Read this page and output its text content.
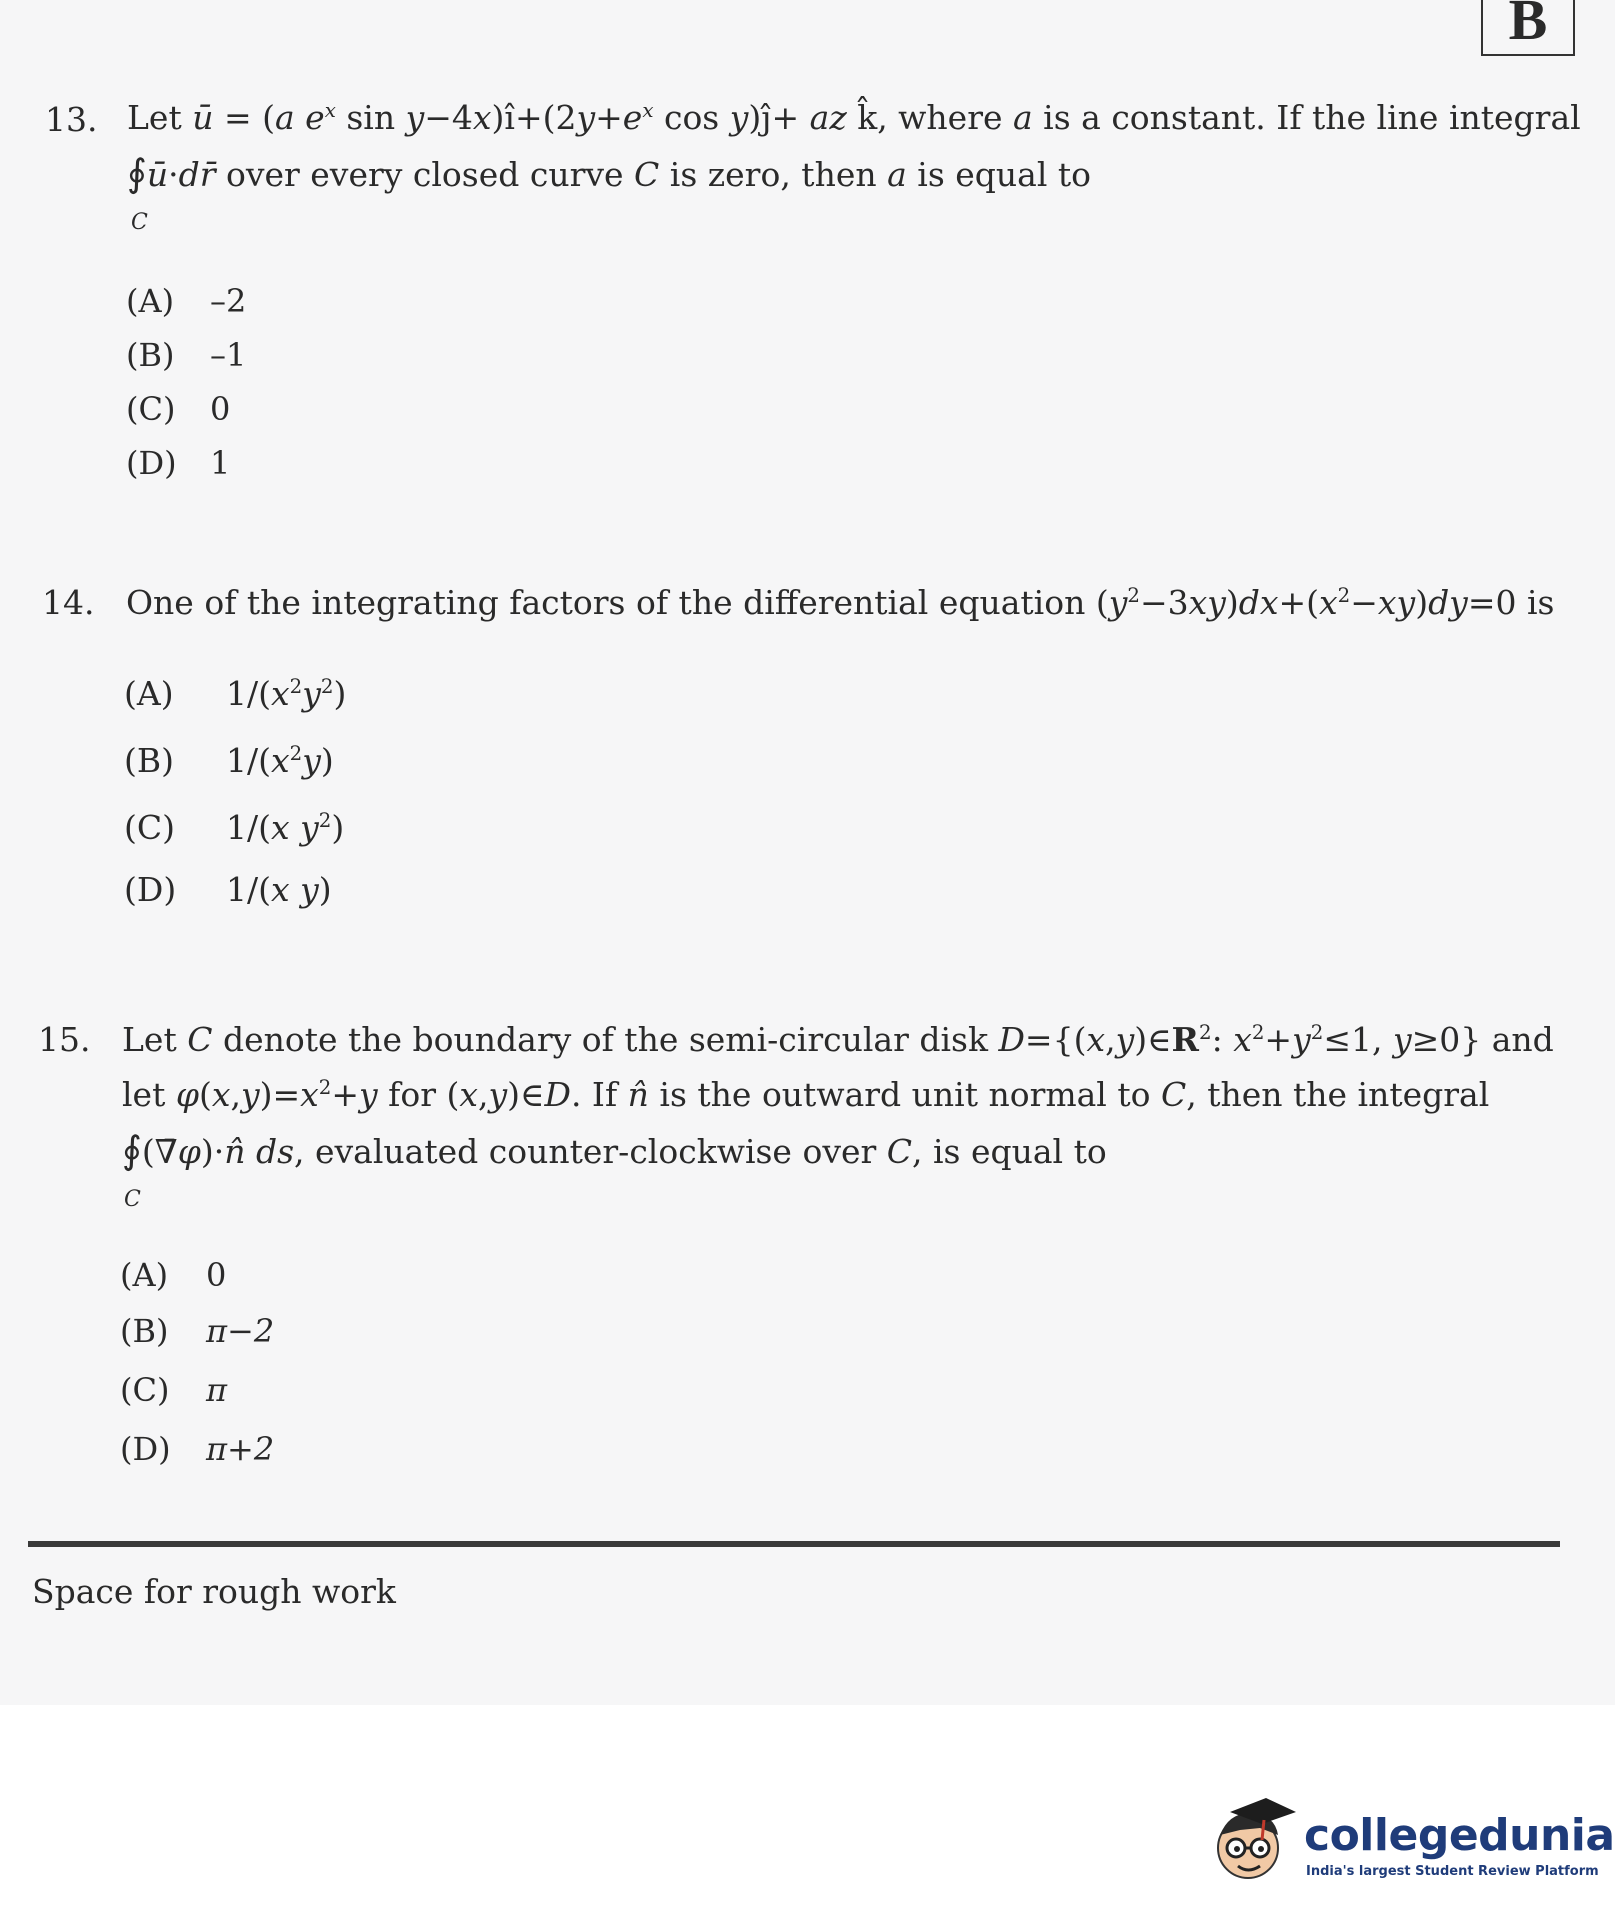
B
13. Let ū = (a $e^x$ $\sin y-4x)î+(2y+e^x$ cos y)ĵ+ az k̂, where a is a constant. If the line integral
∮
C
ū·dr̄ over every closed curve C is zero, then a is equal to
(A) –2
(B) –1
(C) 0
(D) 1
14. One of the integrating factors of the differential equation $(y^2-3xy)dx+(x^2-xy)dy=0$ is
(A) $1/(x^2y^2)$
(B) $1/(x^2y)$
(C) 1/(x $y^2$)
(D) 1/(x y)
15. Let C denote the boundary of the semi-circular disk $D=\{(x,y)\in R^2$: $x^2+y^2\le 1$, y≥0} and
let $\varphi(x,y)=x^2+y$ for (x,y)∈D. If n̂ is the outward unit normal to C, then the integral
∮
C
(∇̄φ)·n̂ ds, evaluated counter-clockwise over C, is equal to
(A) 0
(B) π−2
(C) π
(D) π+2
Space for rough work
collegedunia
India's largest Student Review Platform
